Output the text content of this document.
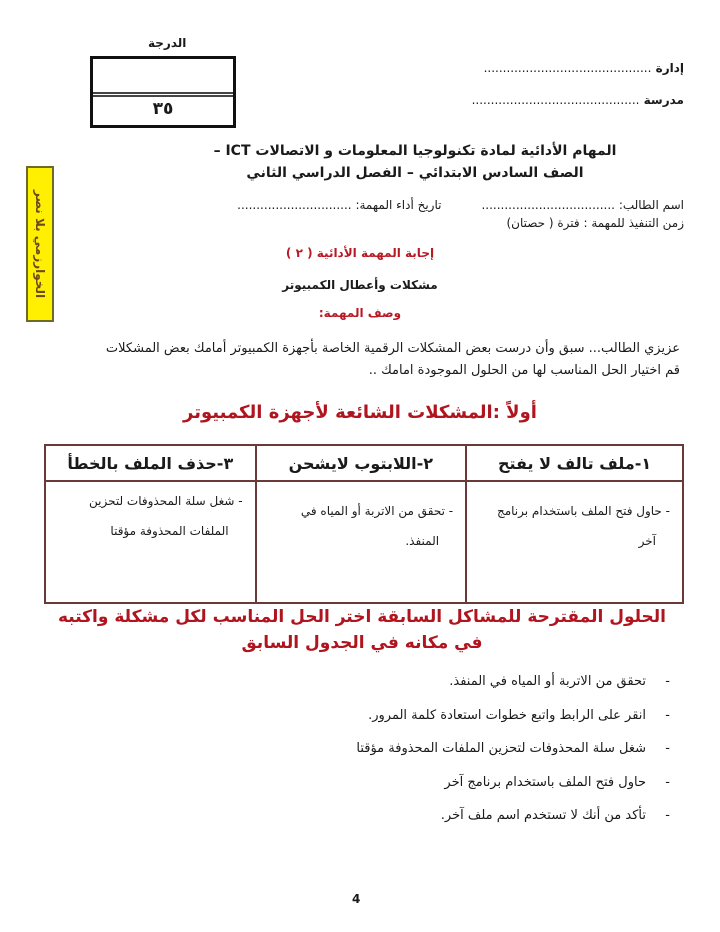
الدرجة
٣٥
إدارة ............................................
مدرسة ............................................
المهام الأدائية لمادة تكنولوجيا المعلومات و الاتصالات ICT –
الصف السادس الابتدائي – الفصل الدراسي الثاني
الخوارزمي بلا نصر	اسم الطالب: ...................................
تاريخ أداء المهمة: ..............................
زمن التنفيذ للمهمة : فترة ( حصتان)
إجابة المهمة الأدائية ( ٢ )
مشكلات وأعطال الكمبيوتر
وصف المهمة:
عزيزي الطالب... سبق وأن درست بعض المشكلات الرقمية الخاصة بأجهزة الكمبيوتر أمامك بعض المشكلات
قم اختيار الحل المناسب لها من الحلول الموجودة امامك ..
أولاً :المشكلات الشائعة لأجهزة الكمبيوتر
١-ملف تالف لا يفتح	٢-اللابتوب لايشحن	٣-حذف الملف بالخطأ

- حاول فتح الملف باستخدام برنامج آخر	- تحقق من الاتربة أو المياه في المنفذ.	- شغل سلة المحذوفات لتحزين الملفات المحذوفة مؤقتا
الحلول المقترحة للمشاكل السابقة اختر الحل المناسب لكل مشكلة واكتبه في مكانه في الجدول السابق
-تحقق من الاتربة أو المياه في المنفذ.
-انقر على الرابط واتبع خطوات استعادة كلمة المرور.
-شغل سلة المحذوفات لتحزين الملفات المحذوفة مؤقتا
-حاول فتح الملف باستخدام برنامج آخر
-تأكد من أنك لا تستخدم اسم ملف آخر.
4
